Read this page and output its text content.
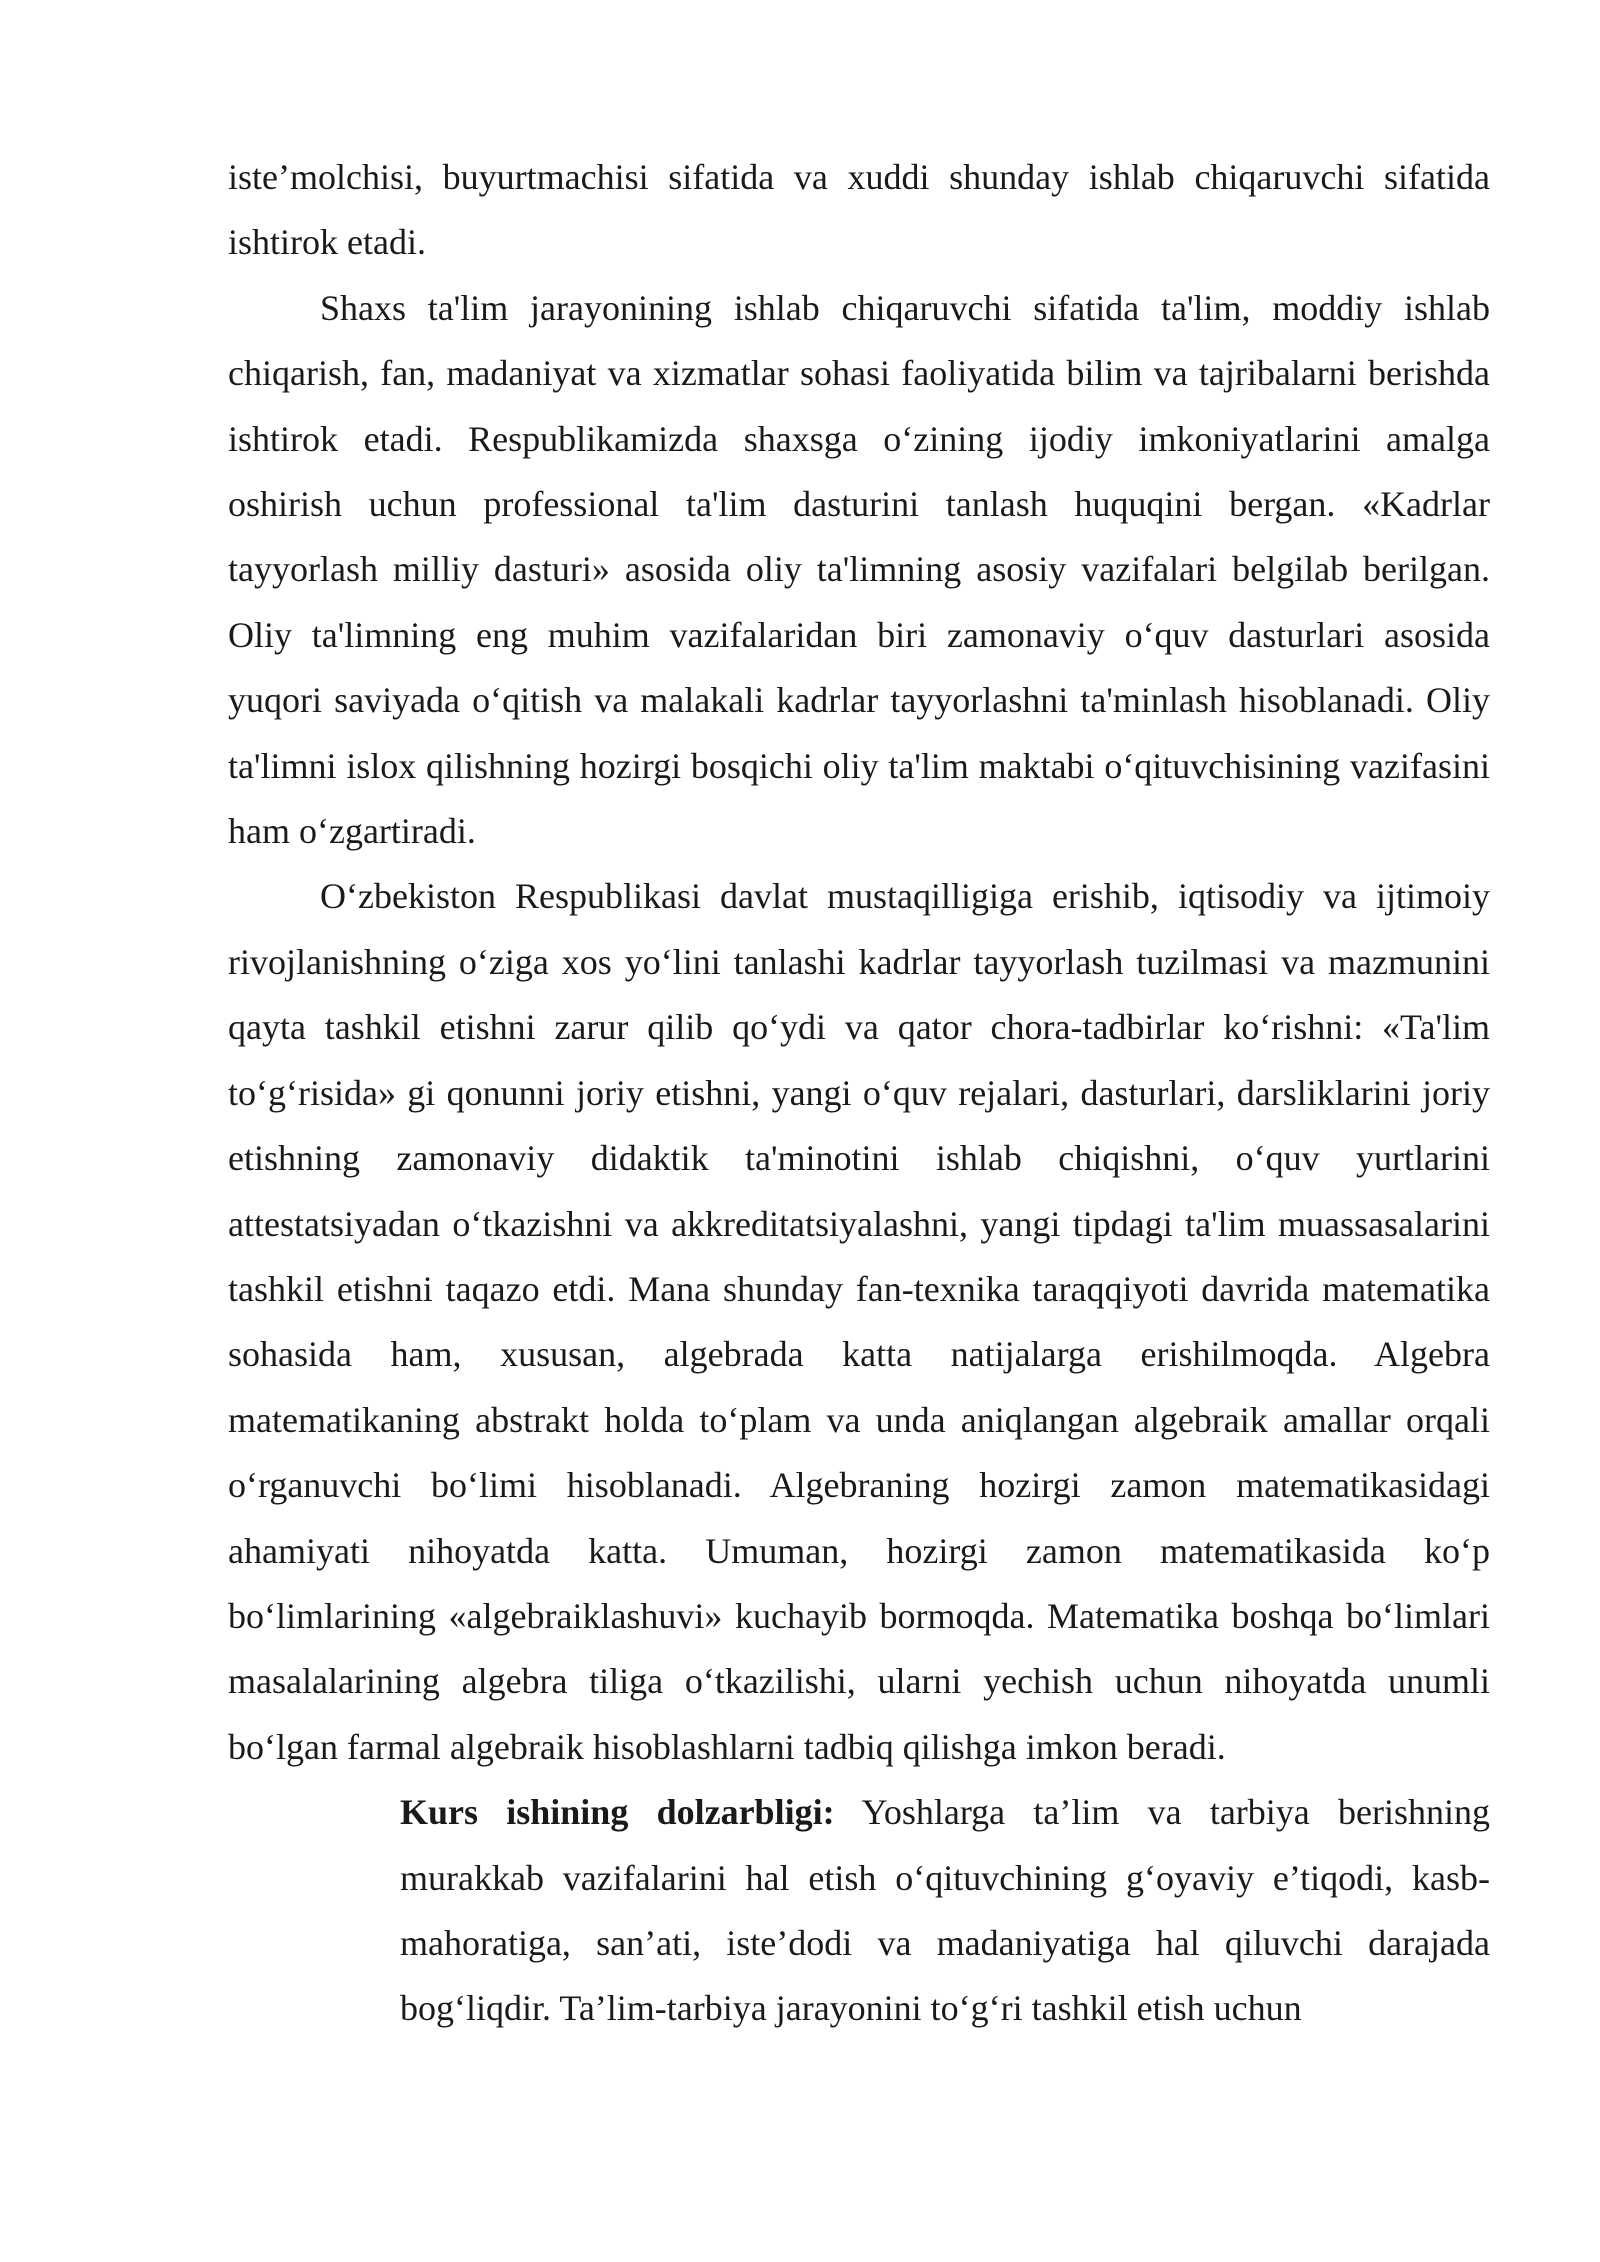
iste’molchisi, buyurtmachisi sifatida va xuddi shunday ishlab chiqaruvchi sifatida ishtirok etadi.

Shaxs ta'lim jarayonining ishlab chiqaruvchi sifatida ta'lim, moddiy ishlab chiqarish, fan, madaniyat va xizmatlar sohasi faoliyatida bilim va tajribalarni berishda ishtirok etadi. Respublikamizda shaxsga o‘zining ijodiy imkoniyatlarini amalga oshirish uchun professional ta'lim dasturini tanlash huquqini bergan. «Kadrlar tayyorlash milliy dasturi» asosida oliy ta'limning asosiy vazifalari belgilab berilgan. Oliy ta'limning eng muhim vazifalaridan biri zamonaviy o‘quv dasturlari asosida yuqori saviyada o‘qitish va malakali kadrlar tayyorlashni ta'minlash hisoblanadi. Oliy ta'limni islox qilishning hozirgi bosqichi oliy ta'lim maktabi o‘qituvchisining vazifasini ham o‘zgartiradi.

O‘zbekiston Respublikasi davlat mustaqilligiga erishib, iqtisodiy va ijtimoiy rivojlanishning o‘ziga xos yo‘lini tanlashi kadrlar tayyorlash tuzilmasi va mazmunini qayta tashkil etishni zarur qilib qo‘ydi va qator chora-tadbirlar ko‘rishni: «Ta'lim to‘g‘risida» gi qonunni joriy etishni, yangi o‘quv rejalari, dasturlari, darsliklarini joriy etishning zamonaviy didaktik ta'minotini ishlab chiqishni, o‘quv yurtlarini attestatsiyadan o‘tkazishni va akkreditatsiyalashni, yangi tipdagi ta'lim muassasalarini tashkil etishni taqazo etdi. Mana shunday fan-texnika taraqqiyoti davrida matematika sohasida ham, xususan, algebrada katta natijalarga erishilmoqda. Algebra matematikaning abstrakt holda to‘plam va unda aniqlangan algebraik amallar orqali o‘rganuvchi bo‘limi hisoblanadi. Algebraning hozirgi zamon matematikasidagi ahamiyati nihoyatda katta. Umuman, hozirgi zamon matematikasida ko‘p bo‘limlarining «algebraiklashuvi» kuchayib bormoqda. Matematika boshqa bo‘limlari masalalarining algebra tiliga o‘tkazilishi, ularni yechish uchun nihoyatda unumli bo‘lgan farmal algebraik hisoblashlarni tadbiq qilishga imkon beradi.

Kurs ishining dolzarbligi: Yoshlarga ta’lim va tarbiya berishning murakkab vazifalarini hal etish o‘qituvchining g‘oyaviy e’tiqodi, kasb-mahoratiga, san’ati, iste’dodi va madaniyatiga hal qiluvchi darajada bog‘liqdir. Ta’lim-tarbiya jarayonini to‘g‘ri tashkil etish uchun
